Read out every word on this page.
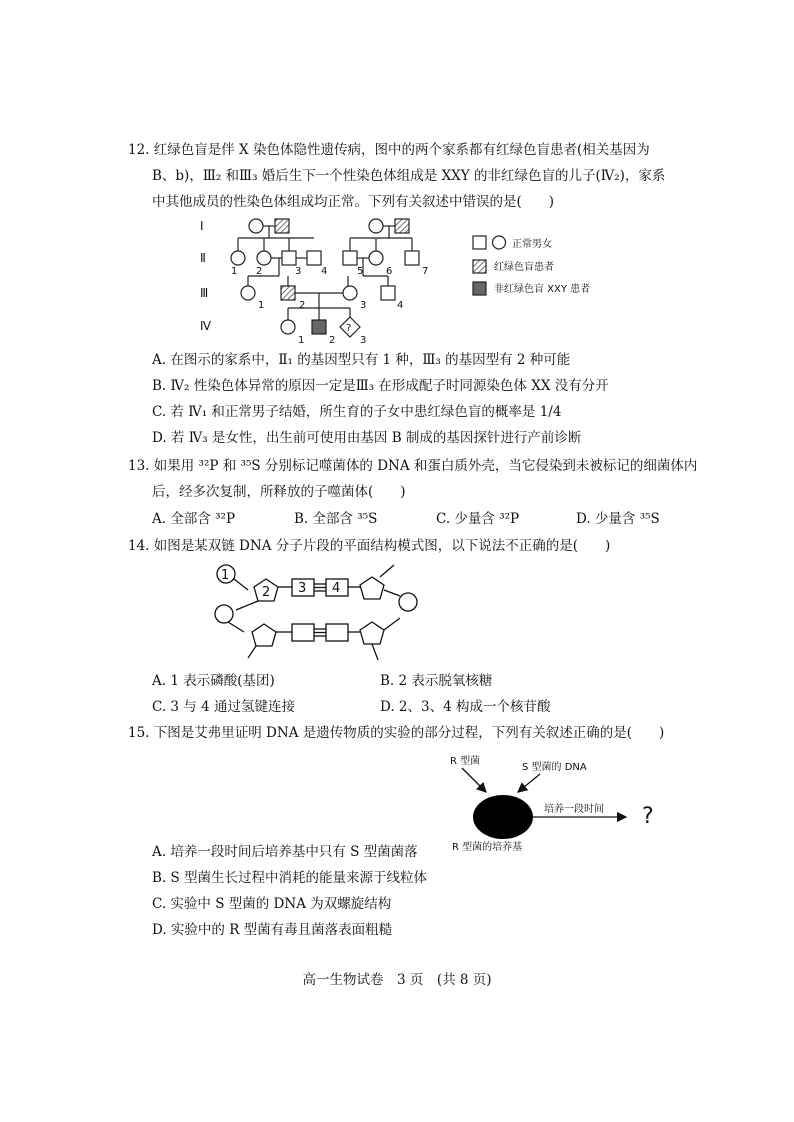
12. 红绿色盲是伴 X 染色体隐性遗传病，图中的两个家系都有红绿色盲患者(相关基因为
B、b)，Ⅲ₂ 和Ⅲ₃ 婚后生下一个性染色体组成是 XXY 的非红绿色盲的儿子(Ⅳ₂)，家系
中其他成员的性染色体组成均正常。下列有关叙述中错误的是(　　)
Ⅰ
Ⅱ
Ⅲ
Ⅳ	?
1 2	3 4	5 6	7
1	2	3	4
1 2 3
正常男女
红绿色盲患者
非红绿色盲 XXY 患者
A. 在图示的家系中，Ⅱ₁ 的基因型只有 1 种，Ⅲ₃ 的基因型有 2 种可能
B. Ⅳ₂ 性染色体异常的原因一定是Ⅲ₃ 在形成配子时同源染色体 XX 没有分开
C. 若 Ⅳ₁ 和正常男子结婚，所生育的子女中患红绿色盲的概率是 1/4
D. 若 Ⅳ₃ 是女性，出生前可使用由基因 B 制成的基因探针进行产前诊断
13. 如果用 ³²P 和 ³⁵S 分别标记噬菌体的 DNA 和蛋白质外壳，当它侵染到未被标记的细菌体内
后，经多次复制，所释放的子噬菌体(　　)
A. 全部含 ³²P	B. 全部含 ³⁵S	C. 少量含 ³²P	D. 少量含 ³⁵S
14. 如图是某双链 DNA 分子片段的平面结构模式图，以下说法不正确的是(　　)
1
2 3 4
A. 1 表示磷酸(基团)	B. 2 表示脱氧核糖
C. 3 与 4 通过氢键连接	D. 2、3、4 构成一个核苷酸
15. 下图是艾弗里证明 DNA 是遗传物质的实验的部分过程，下列有关叙述正确的是(　　)
R 型菌
S 型菌的 DNA
培养一段时间 ?
R 型菌的培养基
A. 培养一段时间后培养基中只有 S 型菌菌落
B. S 型菌生长过程中消耗的能量来源于线粒体
C. 实验中 S 型菌的 DNA 为双螺旋结构
D. 实验中的 R 型菌有毒且菌落表面粗糙
高一生物试卷　3 页　(共 8 页)
